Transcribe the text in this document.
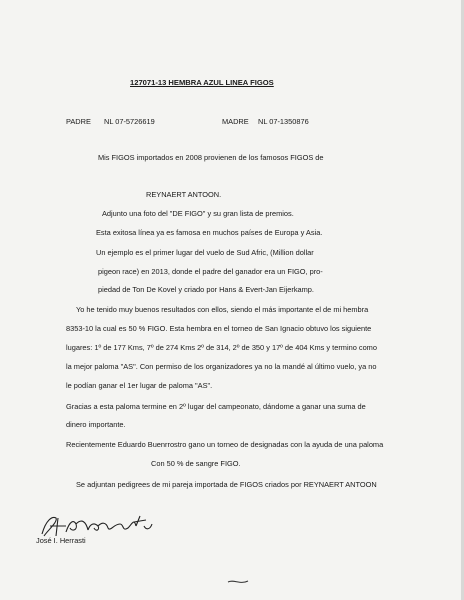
127071-13 HEMBRA AZUL LINEA FIGOS
PADRE NL 07-5726619	MADRE NL 07-1350876
Mis FIGOS importados en 2008 provienen de los famosos FIGOS de
REYNAERT ANTOON.
Adjunto una foto del "DE FIGO" y su gran lista de premios.
Esta exitosa línea ya es famosa en muchos países de Europa y Asia.
Un ejemplo es el primer lugar del vuelo de Sud Afric, (Million dollar
pigeon race) en 2013, donde el padre del ganador era un FIGO, pro-
piedad de Ton De Kovel y criado por Hans & Evert-Jan Eijerkamp.
Yo he tenido muy buenos resultados con ellos, siendo el más importante el de mi hembra
8353-10 la cual es 50 % FIGO. Esta hembra en el torneo de San Ignacio obtuvo los siguiente
lugares: 1º de 177 Kms, 7º de 274 Kms 2º de 314, 2º de 350 y 17º de 404 Kms y termino como
la mejor paloma "AS". Con permiso de los organizadores ya no la mandé al último vuelo, ya no
le podían ganar el 1er lugar de paloma "AS".
Gracias a esta paloma termine en 2º lugar del campeonato, dándome a ganar una suma de
dinero importante.
Recientemente Eduardo Buenrrostro gano un torneo de designadas con la ayuda de una paloma
Con 50 % de sangre FIGO.
Se adjuntan pedigrees de mi pareja importada de FIGOS criados por REYNAERT ANTOON
José I. Herrasti
